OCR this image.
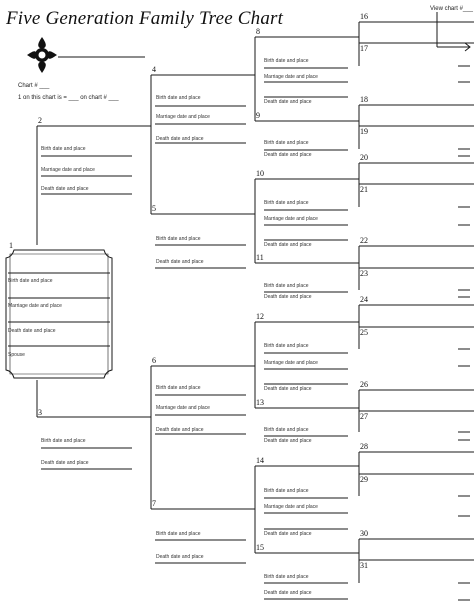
Five Generation Family Tree Chart	View chart #___
Chart # ___
1 on this chart is = ___ on chart # ___
1
Birth date and place
Marriage date and place
Death date and place
Spouse
2
Birth date and place
Marriage date and place
Death date and place
3
Birth date and place
Death date and place
4
Birth date and place
Marriage date and place
Death date and place
5
Birth date and place
Death date and place
6
Birth date and place
Marriage date and place
Death date and place
7
Birth date and place
Death date and place
8
Birth date and place
Marriage date and place
Death date and place
9
Birth date and place
Death date and place
10
Birth date and place
Marriage date and place
Death date and place
11
Birth date and place
Death date and place
12
Birth date and place
Marriage date and place
Death date and place
13
Birth date and place
Death date and place
14
Birth date and place
Marriage date and place
Death date and place
15
Birth date and place
Death date and place
16
17
18
19
20
21
22
23
24
25
26
27
28
29
30
31
